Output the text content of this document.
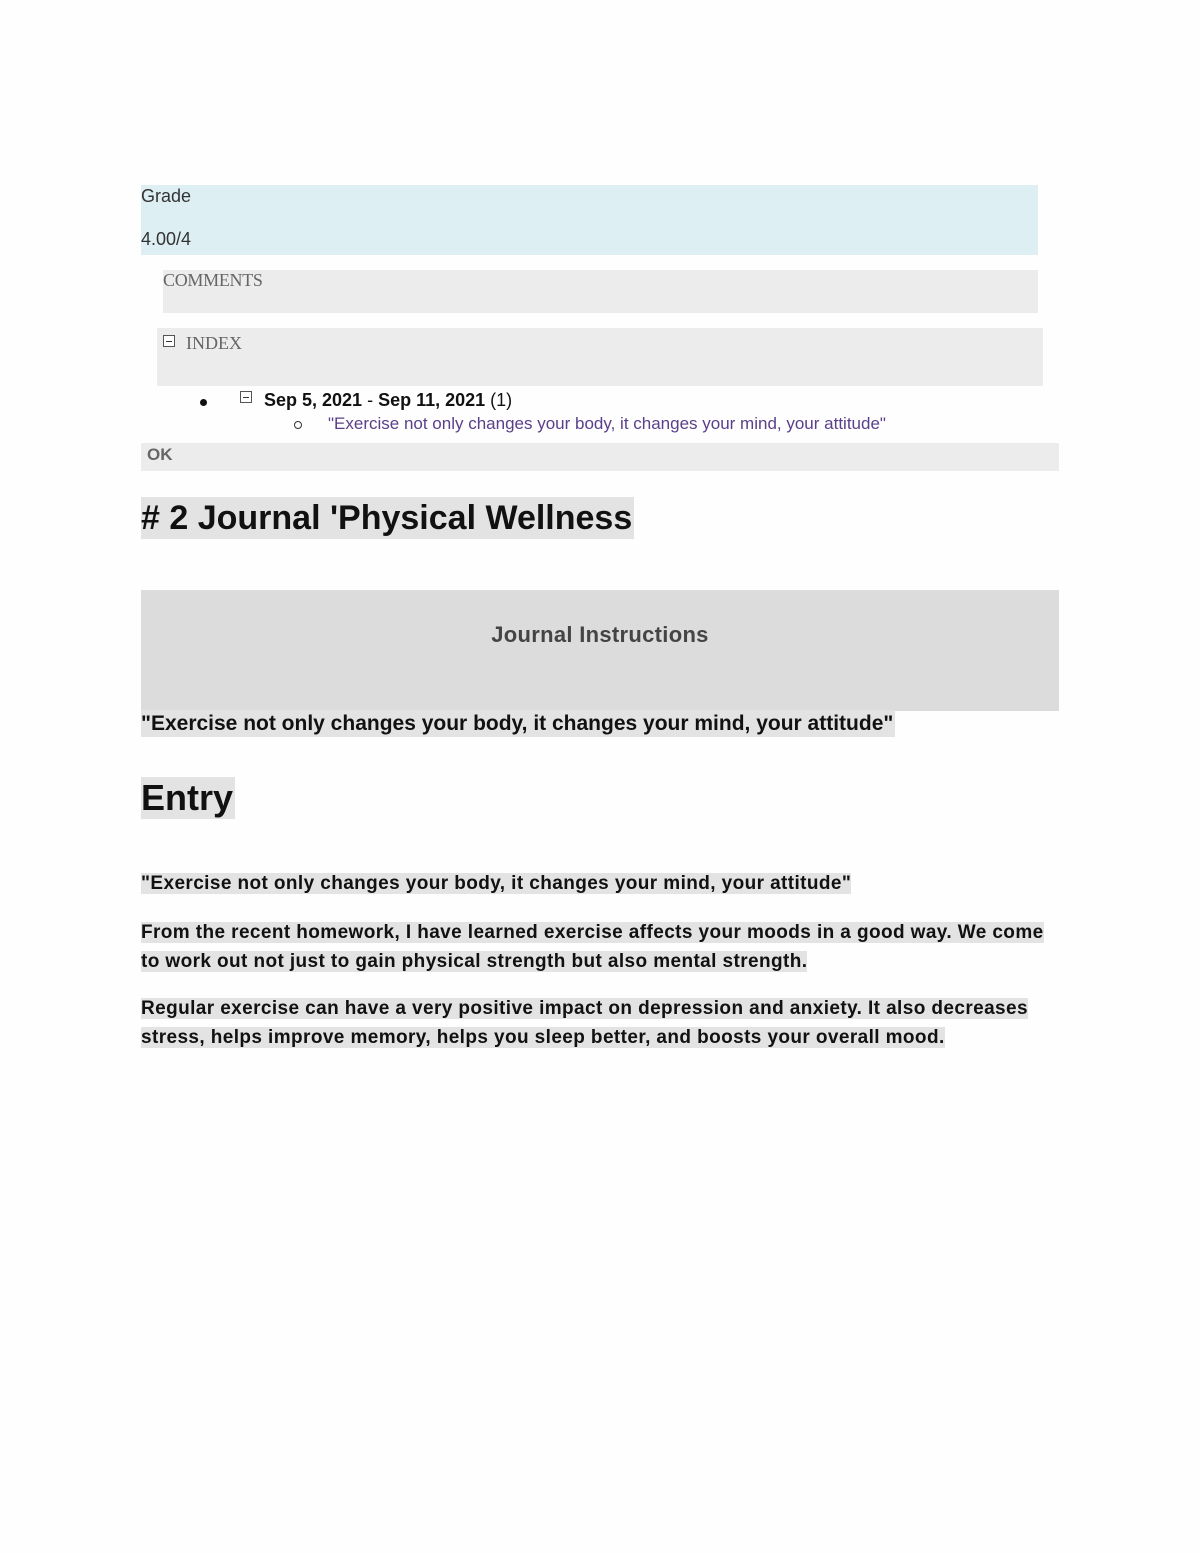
Grade
4.00/4
COMMENTS
INDEX
Sep 5, 2021 - Sep 11, 2021 (1)
"Exercise not only changes your body, it changes your mind, your attitude"
OK
# 2 Journal 'Physical Wellness
Journal Instructions
"Exercise not only changes your body, it changes your mind, your attitude"
Entry
"Exercise not only changes your body, it changes your mind, your attitude"
From the recent homework, I have learned exercise affects your moods in a good way. We come to work out not just to gain physical strength but also mental strength.
Regular exercise can have a very positive impact on depression and anxiety. It also decreases stress, helps improve memory, helps you sleep better, and boosts your overall mood.
